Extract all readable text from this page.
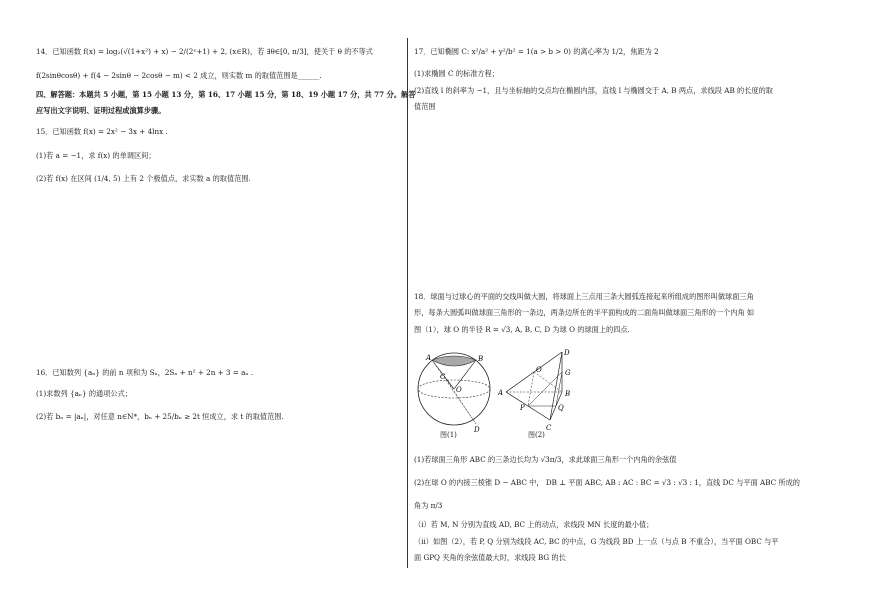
14．已知函数 f(x) = log₂(√(1+x²) + x) − 2/(2ˣ+1) + 2, (x∈R)，若 ∃θ∈[0, π/3]，使关于 θ 的不等式
f(2sinθcosθ) + f(4 − 2sinθ − 2cosθ − m) < 2 成立，则实数 m 的取值范围是______.
四、解答题：本题共 5 小题，第 15 小题 13 分，第 16、17 小题 15 分，第 18、19 小题 17 分，共 77 分。解答
应写出文字说明、证明过程或演算步骤。
15．已知函数 f(x) = 2x² − 3x + 4lnx .
(1)若 a = −1，求 f(x) 的单调区间；
(2)若 f(x) 在区间 (1/4, 5) 上有 2 个极值点，求实数 a 的取值范围.
16．已知数列 {aₙ} 的前 n 项和为 Sₙ，2Sₙ + n² + 2n + 3 = aₙ .
(1)求数列 {aₙ} 的通项公式；
(2)若 bₙ = |aₙ|，对任意 n∈N*，bₙ + 25/bₙ ≥ 2t 恒成立，求 t 的取值范围.
17．已知椭圆 C: x²/a² + y²/b² = 1(a > b > 0) 的离心率为 1/2，焦距为 2
(1)求椭圆 C 的标准方程；
(2)直线 l 的斜率为 −1，且与坐标轴的交点均在椭圆内部，直线 l 与椭圆交于 A, B 两点，求线段 AB 的长度的取
值范围
18．球面与过球心的平面的交线叫做大圆，将球面上三点用三条大圆弧连接起来所组成的图形叫做球面三角
形，每条大圆弧叫做球面三角形的一条边，两条边所在的半平面构成的二面角叫做球面三角形的一个内角 如
图（1），球 O 的半径 R = √3, A, B, C, D 为球 O 的球面上的四点.
A	B
C
O
D
图(1)
D
G
A
O
B
P	Q
C
图(2)
(1)若球面三角形 ABC 的三条边长均为 √3π/3，求此球面三角形一个内角的余弦值
(2)在球 O 的内接三棱锥 D − ABC 中， DB ⊥ 平面 ABC, AB : AC : BC = √3 : √3 : 1，直线 DC 与平面 ABC 所成的
角为 π/3
（i）若 M, N 分别为直线 AD, BC 上的动点，求线段 MN 长度的最小值；
（ii）如图（2），若 P, Q 分别为线段 AC, BC 的中点，G 为线段 BD 上一点（与点 B 不重合），当平面 OBC 与平
面 GPQ 夹角的余弦值最大时，求线段 BG 的长
